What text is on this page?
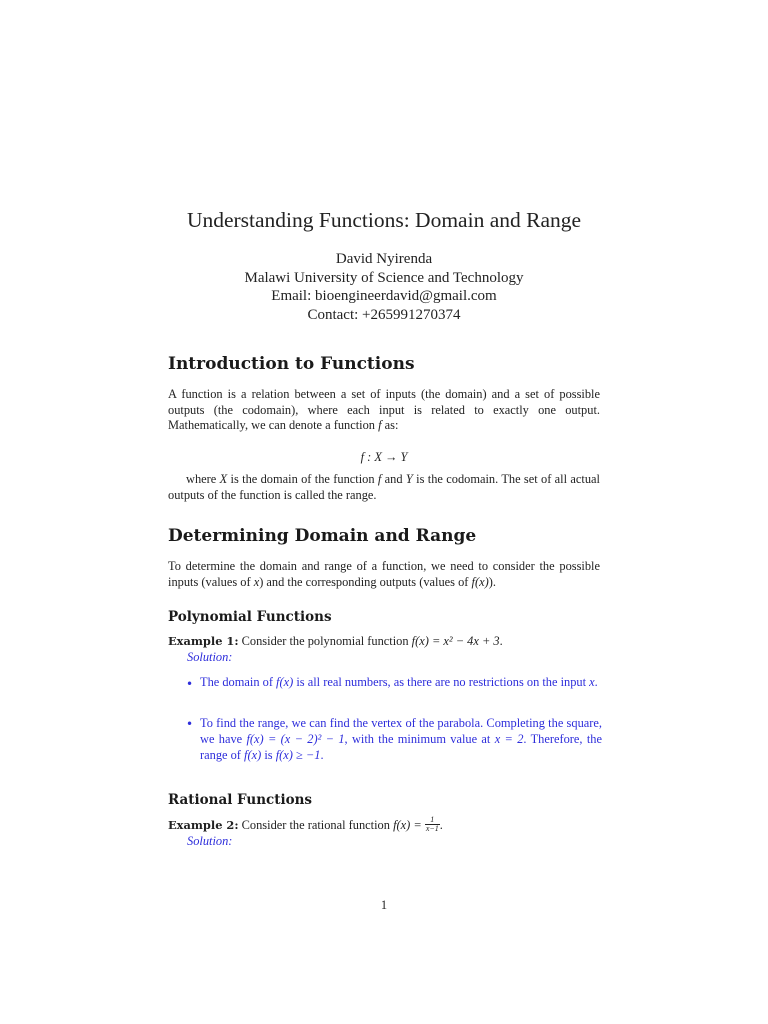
Understanding Functions: Domain and Range
David Nyirenda
Malawi University of Science and Technology
Email: bioengineerdavid@gmail.com
Contact: +265991270374
Introduction to Functions
A function is a relation between a set of inputs (the domain) and a set of possible outputs (the codomain), where each input is related to exactly one output. Mathematically, we can denote a function f as:
f : X → Y
where X is the domain of the function f and Y is the codomain. The set of all actual outputs of the function is called the range.
Determining Domain and Range
To determine the domain and range of a function, we need to consider the possible inputs (values of x) and the corresponding outputs (values of f(x)).
Polynomial Functions
Example 1: Consider the polynomial function f(x) = x² − 4x + 3.
Solution:
• The domain of f(x) is all real numbers, as there are no restrictions on the input x.
• To find the range, we can find the vertex of the parabola. Completing the square, we have f(x) = (x − 2)² − 1, with the minimum value at x = 2. Therefore, the range of f(x) is f(x) ≥ −1.
Rational Functions
Example 2: Consider the rational function $f(x) = \frac{1}{x-1}$ .
Solution:
1
